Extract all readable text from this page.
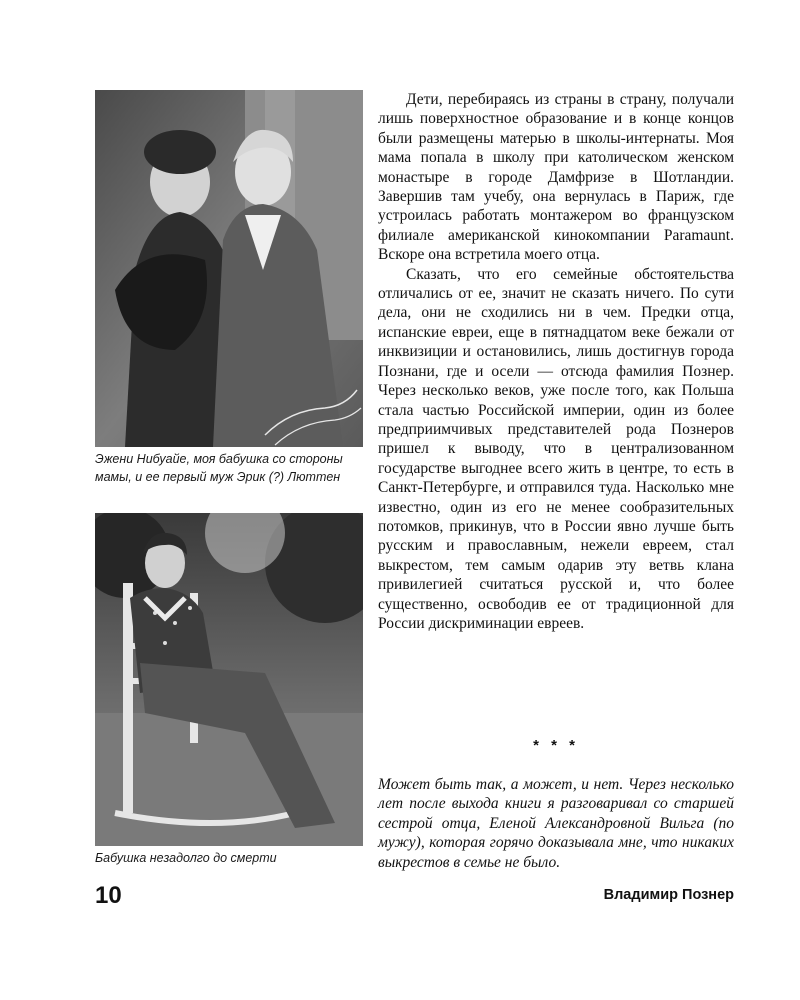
Эжени Нибуайе, моя бабушка со стороны мамы, и ее первый муж Эрик (?) Люттен
Бабушка незадолго до смерти

Дети, перебираясь из страны в страну, получали лишь поверхностное образование и в конце концов были размещены матерью в школы-интернаты. Моя мама попала в школу при католическом женском монастыре в городе Дамфризе в Шотландии. Завершив там учебу, она вернулась в Париж, где устроилась работать монтажером во французском филиале американской кинокомпании Paramaunt. Вскоре она встретила моего отца.

Сказать, что его семейные обстоятельства отличались от ее, значит не сказать ничего. По сути дела, они не сходились ни в чем. Предки отца, испанские евреи, еще в пятнадцатом веке бежали от инквизиции и остановились, лишь достигнув города Познани, где и осели — отсюда фамилия Познер. Через несколько веков, уже после того, как Польша стала частью Российской империи, один из более предприимчивых представителей рода Познеров пришел к выводу, что в централизованном государстве выгоднее всего жить в центре, то есть в Санкт-Петербурге, и отправился туда. Насколько мне известно, один из его не менее сообразительных потомков, прикинув, что в России явно лучше быть русским и православным, нежели евреем, стал выкрестом, тем самым одарив эту ветвь клана привилегией считаться русской и, что более существенно, освободив ее от традиционной для России дискриминации евреев.

* * *

Может быть так, а может, и нет. Через несколько лет после выхода книги я разговаривал со старшей сестрой отца, Еленой Александровной Вильга (по мужу), которая горячо доказывала мне, что никаких выкрестов в семье не было.

10	Владимир Познер
